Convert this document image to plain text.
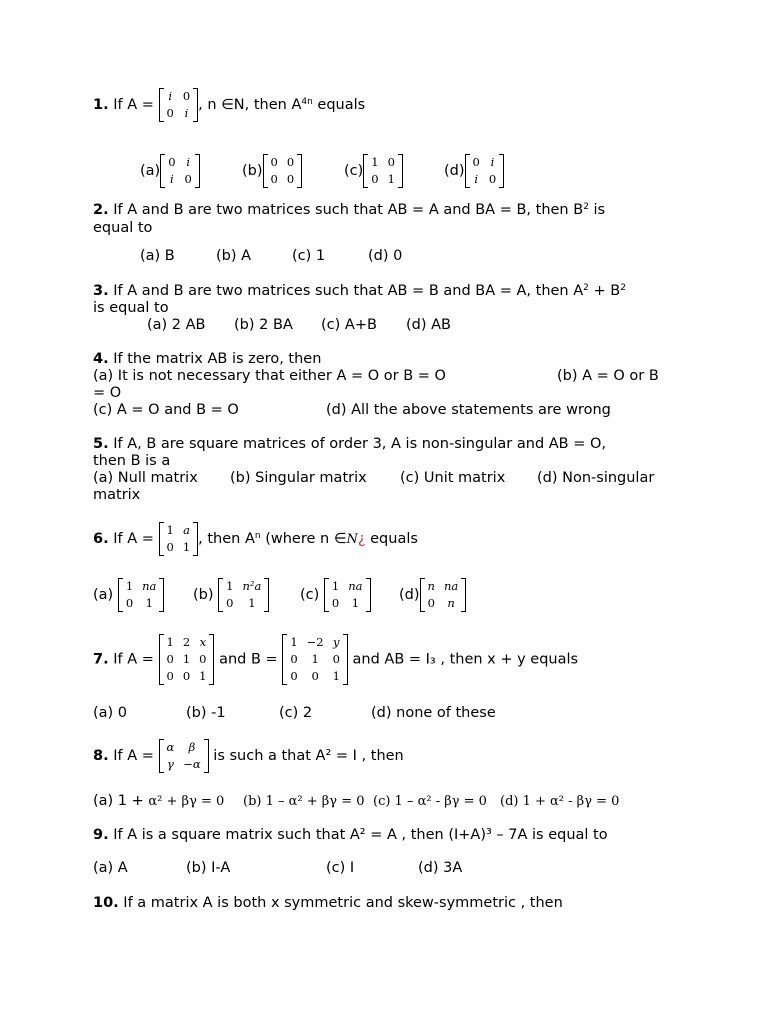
1. If A =
i 0
0 i , n ∈N, then $A^{4n}$ equals
(a)
0 i
i 0	(b)
0 0
0 0	(c)
1 0
0 1	(d)
0 i
i 0
2. If A and B are two matrices such that AB = A and BA = B, then $B^2$ is
equal to
(a) B	(b) A	(c) 1	(d) 0
3. If A and B are two matrices such that AB = B and BA = A, then $A^2 + B^2$
is equal to
(a) 2 AB (b) 2 BA (c) A+B (d) AB
4. If the matrix AB is zero, then
(a) It is not necessary that either A = O or B = O	(b) A = O or B
= O
(c) A = O and B = O	(d) All the above statements are wrong
5. If A, B are square matrices of order 3, A is non-singular and AB = O,
then B is a
(a) Null matrix (b) Singular matrix (c) Unit matrix (d) Non-singular
matrix
6. If A =
1 a
0 1 , then $A^n$ (where n ∈N¿ equals
(a)
1 na
0	1	(b)
1 n²a
0	1	(c)
1 na
0	1	(d)
n na
0 n
7. If A =
1 2 x
0 1 0
0 0 1
and B =
1 −2 y
0	1	0
0	0	1
and AB = I₃ , then x + y equals
(a) 0	(b) -1	(c) 2	(d) none of these
8. If A =
α	β
γ −α is such a that A² = I , then
(a) 1 + α² + βγ = 0 (b) 1 – α² + βγ = 0 (c) 1 – α² - βγ = 0 (d) 1 + α² - βγ = 0
9. If A is a square matrix such that A² = A , then (I+A)³ – 7A is equal to
(a) A	(b) I-A	(c) I	(d) 3A
10. If a matrix A is both x symmetric and skew-symmetric , then
